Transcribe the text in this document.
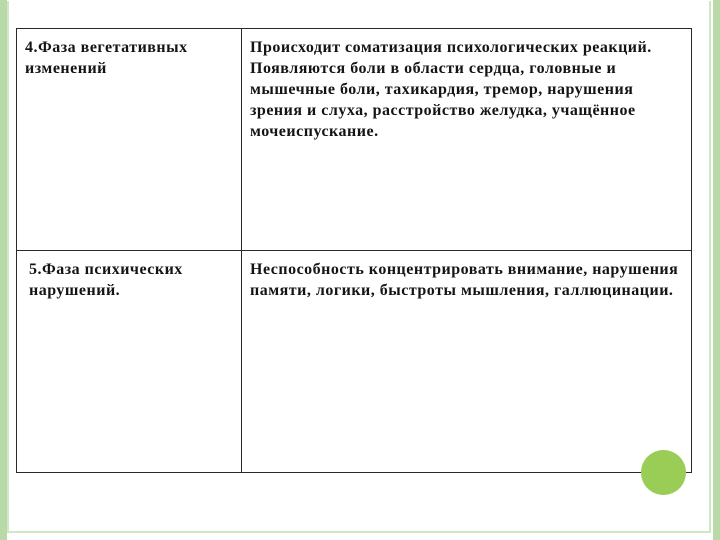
4.Фаза вегетативных изменений	Происходит соматизация психологических реакций. Появляются боли в области сердца, головные и мышечные боли, тахикардия, тремор, нарушения зрения и слуха, расстройство желудка, учащённое мочеиспускание.
5.Фаза психических нарушений.	Неспособность концентрировать внимание, нарушения памяти, логики, быстроты мышления, галлюцинации.
